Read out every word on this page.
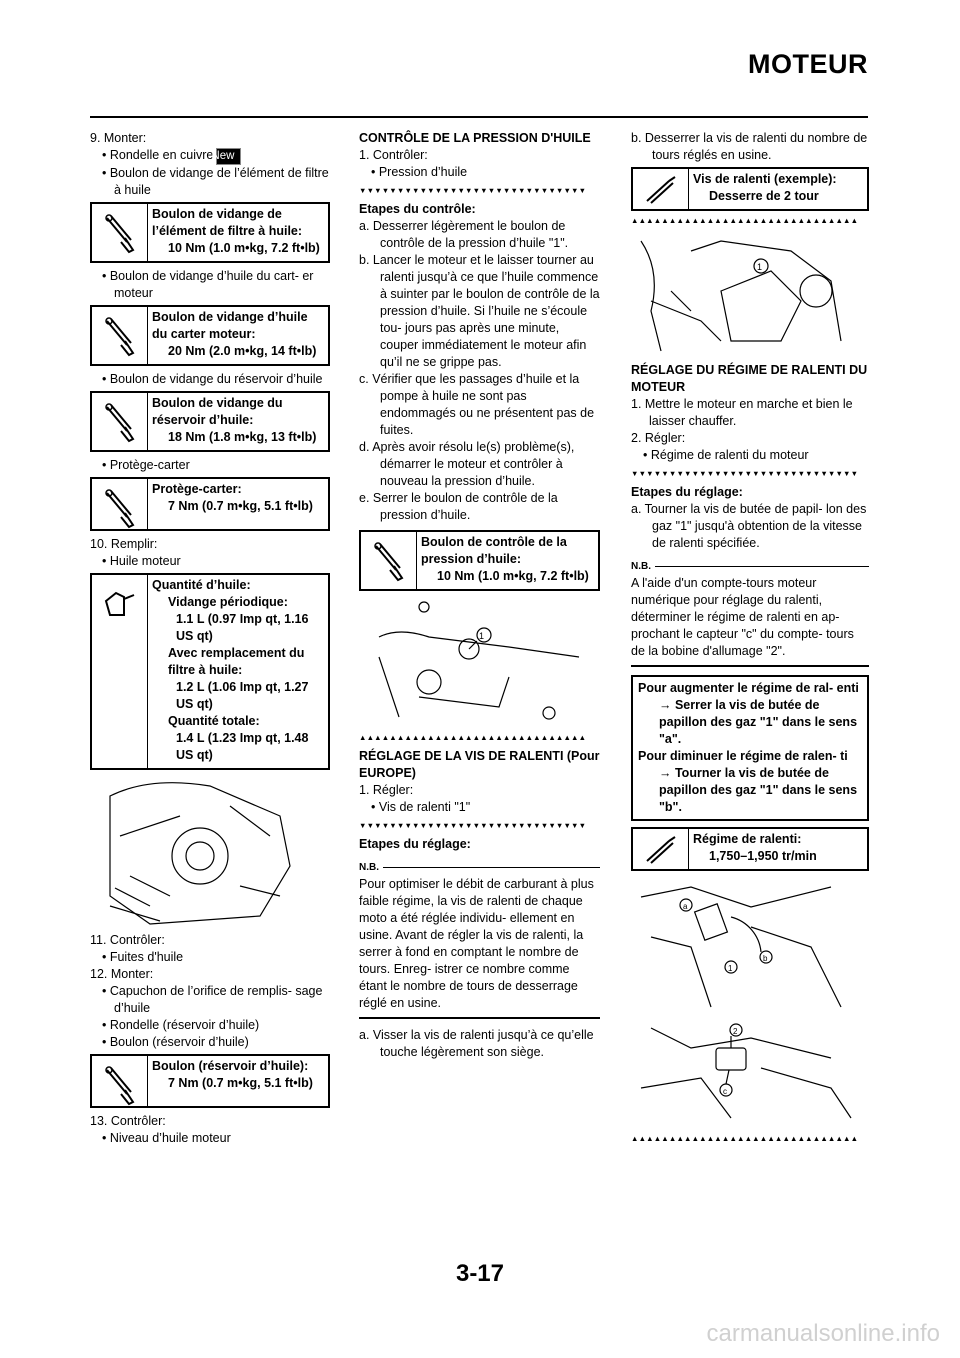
MOTEUR
9. Monter:
• Rondelle en cuivreNew
• Boulon de vidange de l’élément de filtre à huile
Boulon de vidange de l’élément de filtre à huile:
10 Nm (1.0 m•kg, 7.2 ft•lb)
• Boulon de vidange d’huile du cart- er moteur
Boulon de vidange d’huile du carter moteur:
20 Nm (2.0 m•kg, 14 ft•lb)
• Boulon de vidange du réservoir d’huile
Boulon de vidange du réservoir d’huile:
18 Nm (1.8 m•kg, 13 ft•lb)
• Protège-carter
Protège-carter:
7 Nm (0.7 m•kg, 5.1 ft•lb)
10. Remplir:
• Huile moteur
Quantité d’huile:
Vidange périodique:
1.1 L (0.97 Imp qt, 1.16 US qt)
Avec remplacement du filtre à huile:
1.2 L (1.06 Imp qt, 1.27 US qt)
Quantité totale:
1.4 L (1.23 Imp qt, 1.48 US qt)
11. Contrôler:
• Fuites d'huile
12. Monter:
• Capuchon de l’orifice de remplis- sage d’huile
• Rondelle (réservoir d’huile)
• Boulon (réservoir d’huile)
Boulon (réservoir d’huile):
7 Nm (0.7 m•kg, 5.1 ft•lb)
13. Contrôler:
• Niveau d’huile moteur
CONTRÔLE DE LA PRESSION D'HUILE
1. Contrôler:
• Pression d’huile
▼▼▼▼▼▼▼▼▼▼▼▼▼▼▼▼▼▼▼▼▼▼▼▼▼▼▼▼▼▼
Etapes du contrôle:
a. Desserrer légèrement le boulon de contrôle de la pression d’huile "1".
b. Lancer le moteur et le laisser tourner au ralenti jusqu’à ce que l’huile commence à suinter par le boulon de contrôle de la pression d’huile. Si l’huile ne s’écoule tou- jours pas après une minute, couper immédiatement le moteur afin qu’il ne se grippe pas.
c. Vérifier que les passages d’huile et la pompe à huile ne sont pas endommagés ou ne présentent pas de fuites.
d. Après avoir résolu le(s) problème(s), démarrer le moteur et contrôler à nouveau la pression d’huile.
e. Serrer le boulon de contrôle de la pression d’huile.
Boulon de contrôle de la pression d’huile:
10 Nm (1.0 m•kg, 7.2 ft•lb)
1
▲▲▲▲▲▲▲▲▲▲▲▲▲▲▲▲▲▲▲▲▲▲▲▲▲▲▲▲▲▲
RÉGLAGE DE LA VIS DE RALENTI (Pour EUROPE)
1. Régler:
• Vis de ralenti "1"
▼▼▼▼▼▼▼▼▼▼▼▼▼▼▼▼▼▼▼▼▼▼▼▼▼▼▼▼▼▼
Etapes du réglage:
N.B.
Pour optimiser le débit de carburant à plus faible régime, la vis de ralenti de chaque moto a été réglée individu- ellement en usine. Avant de régler la vis de ralenti, la serrer à fond en comptant le nombre de tours. Enreg- istrer ce nombre comme étant le nombre de tours de desserrage réglé en usine.
a. Visser la vis de ralenti jusqu’à ce qu’elle touche légèrement son siège.
b. Desserrer la vis de ralenti du nombre de tours réglés en usine.
Vis de ralenti (exemple):
Desserre de 2 tour
▲▲▲▲▲▲▲▲▲▲▲▲▲▲▲▲▲▲▲▲▲▲▲▲▲▲▲▲▲▲
1
RÉGLAGE DU RÉGIME DE RALENTI DU MOTEUR
1. Mettre le moteur en marche et bien le laisser chauffer.
2. Régler:
• Régime de ralenti du moteur
▼▼▼▼▼▼▼▼▼▼▼▼▼▼▼▼▼▼▼▼▼▼▼▼▼▼▼▼▼▼
Etapes du réglage:
a. Tourner la vis de butée de papil- lon des gaz "1" jusqu'à obtention de la vitesse de ralenti spécifiée.
N.B.
A l'aide d'un compte-tours moteur numérique pour réglage du ralenti, déterminer le régime de ralenti en ap- prochant le capteur "c" du compte- tours de la bobine d'allumage "2".
Pour augmenter le régime de ral- enti → Serrer la vis de butée de papillon des gaz "1" dans le sens "a".
Pour diminuer le régime de ralen- ti → Tourner la vis de butée de papillon des gaz "1" dans le sens "b".
Régime de ralenti:
1,750–1,950 tr/min
a
b
1
2
c
▲▲▲▲▲▲▲▲▲▲▲▲▲▲▲▲▲▲▲▲▲▲▲▲▲▲▲▲▲▲
3-17
carmanualsonline.info
